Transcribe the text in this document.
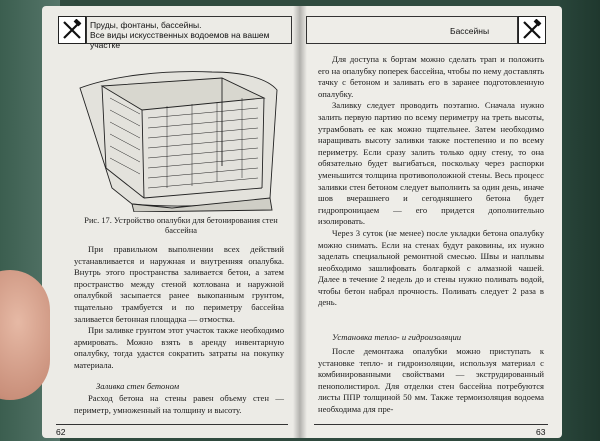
Пруды, фонтаны, бассейны.
Все виды искусственных водоемов на вашем участке
Рис. 17. Устройство опалубки для бетонирования стен бассейна

При правильном выполнении всех действий устанавливается и наружная и внутренняя опалубка. Внутрь этого пространства заливается бетон, а затем пространство между стеной котлована и наружной опалубкой засыпается ранее выкопанным грунтом, тщательно трамбуется и по периметру бассейна заливается бетонная площадка — отмостка.

При заливке грунтом этот участок также необходимо армировать. Можно взять в аренду инвентарную опалубку, тогда удастся сократить затраты на покупку материала.

Заливка стен бетоном

Расход бетона на стены равен объему стен — периметр, умноженный на толщину и высоту.

62
Бассейны

Для доступа к бортам можно сделать трап и положить его на опалубку поперек бассейна, чтобы по нему доставлять тачку с бетоном и заливать его в заранее подготовленную опалубку.

Заливку следует проводить поэтапно. Сначала нужно залить первую партию по всему периметру на треть высоты, утрамбовать ее как можно тщательнее. Затем необходимо наращивать высоту заливки также постепенно и по всему периметру. Если сразу залить только одну стену, то она обязательно будет выгибаться, поскольку через распорки уменьшится толщина противоположной стены. Весь процесс заливки стен бетоном следует выполнить за один день, иначе шов вчерашнего и сегодняшнего бетона будет гидропроницаем — его придется дополнительно изолировать.

Через 3 суток (не менее) после укладки бетона опалубку можно снимать. Если на стенах будут раковины, их нужно заделать специальной ремонтной смесью. Швы и наплывы необходимо зашлифовать болгаркой с алмазной чашей. Далее в течение 2 недель до и стены нужно поливать водой, чтобы бетон набрал прочность. Поливать следует 2 раза в день.

Установка тепло- и гидроизоляции

После демонтажа опалубки можно приступать к установке тепло- и гидроизоляции, используя материал с комбинированными свойствами — экструдированный пенополистирол. Для отделки стен бассейна потребуются листы ППР толщиной 50 мм. Также термоизоляция водоема необходима для пре-

63
